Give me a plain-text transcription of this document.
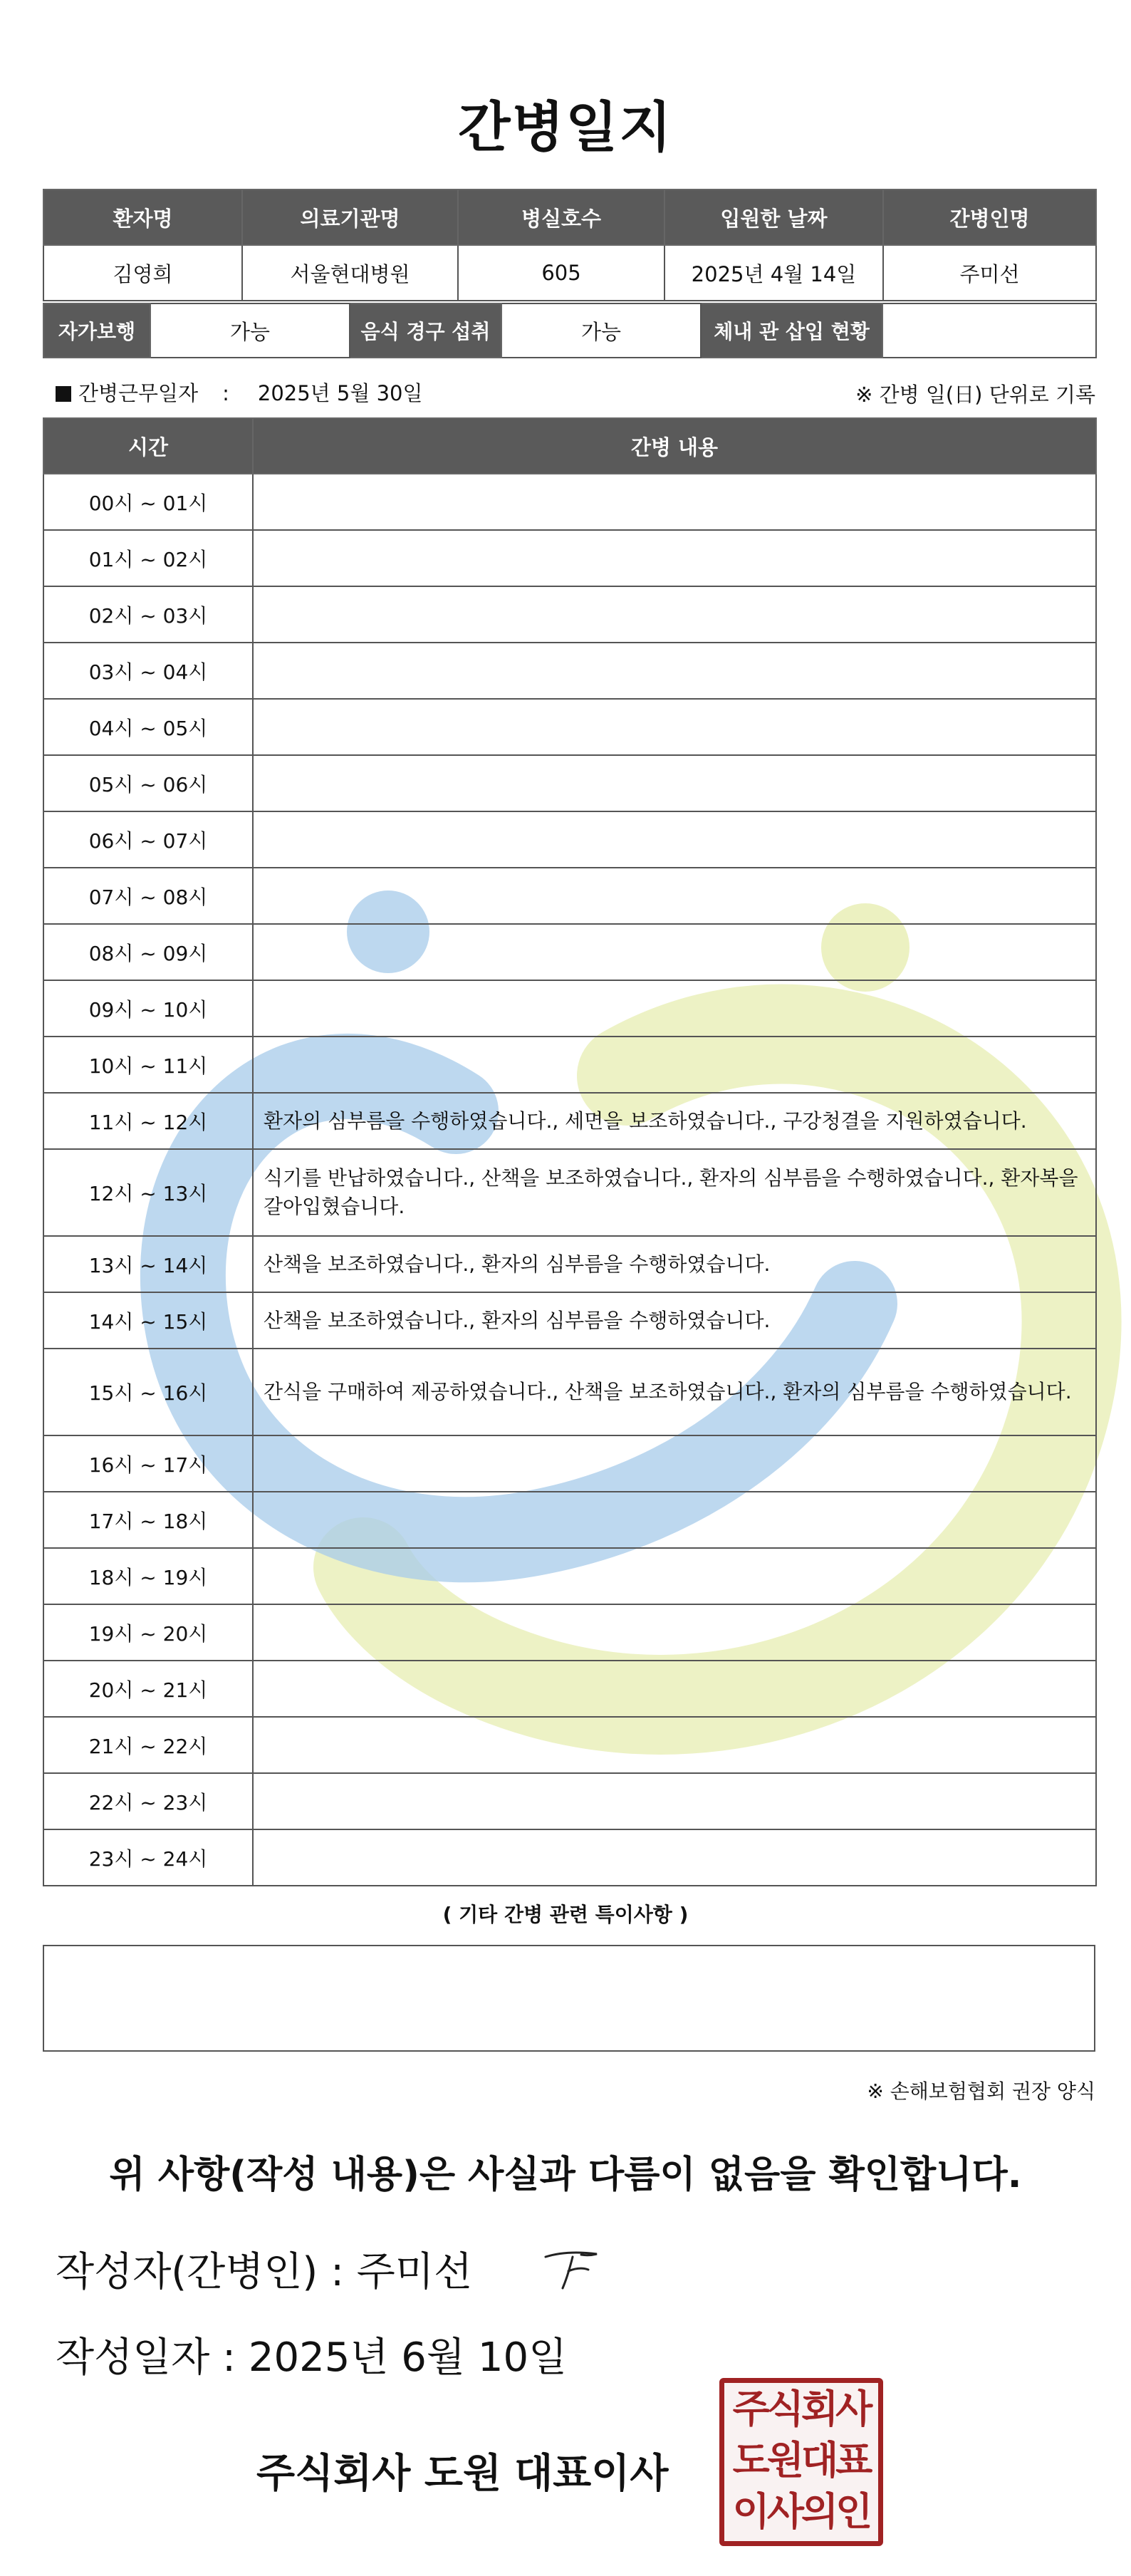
간병일지
환자명	의료기관명	병실호수	입원한 날짜	간병인명
김영희	서울현대병원	605	2025년 4월 14일	주미선
자가보행	가능	음식 경구 섭취	가능	체내 관 삽입 현황	
간병근무일자 : 2025년 5월 30일	※ 간병 일(日) 단위로 기록
시간	간병 내용
00시 ~ 01시	
01시 ~ 02시	
02시 ~ 03시	
03시 ~ 04시	
04시 ~ 05시	
05시 ~ 06시	
06시 ~ 07시	
07시 ~ 08시	
08시 ~ 09시	
09시 ~ 10시	
10시 ~ 11시	
11시 ~ 12시	환자의 심부름을 수행하였습니다., 세면을 보조하였습니다., 구강청결을 지원하였습니다.
12시 ~ 13시	식기를 반납하였습니다., 산책을 보조하였습니다., 환자의 심부름을 수행하였습니다., 환자복을 갈아입혔습니다.
13시 ~ 14시	산책을 보조하였습니다., 환자의 심부름을 수행하였습니다.
14시 ~ 15시	산책을 보조하였습니다., 환자의 심부름을 수행하였습니다.
15시 ~ 16시	간식을 구매하여 제공하였습니다., 산책을 보조하였습니다., 환자의 심부름을 수행하였습니다.
16시 ~ 17시	
17시 ~ 18시	
18시 ~ 19시	
19시 ~ 20시	
20시 ~ 21시	
21시 ~ 22시	
22시 ~ 23시	
23시 ~ 24시	
( 기타 간병 관련 특이사항 )
※ 손해보험협회 권장 양식
위 사항(작성 내용)은 사실과 다름이 없음을 확인합니다.
작성자(간병인) : 주미선
작성일자 : 2025년 6월 10일
주식회사 도원 대표이사
주식회사
도원대표
이사의인
